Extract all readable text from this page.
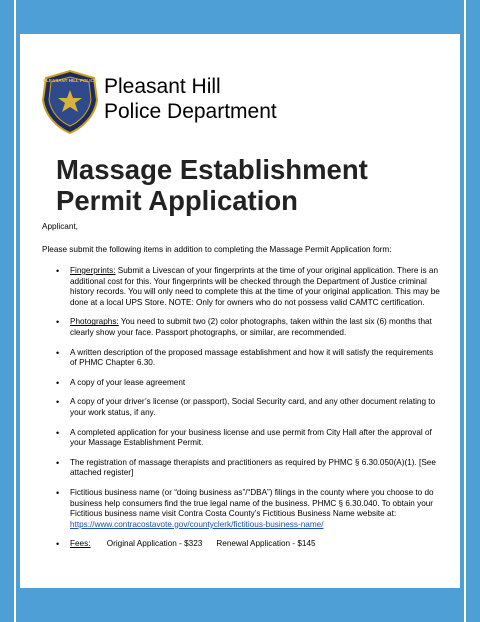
PLEASANT HILL POLICE Pleasant Hill
Police Department
Massage Establishment
Permit Application
Applicant,
Please submit the following items in addition to completing the Massage Permit Application form:
• Fingerprints: Submit a Livescan of your fingerprints at the time of your original application. There is an additional cost for this. Your fingerprints will be checked through the Department of Justice criminal history records. You will only need to complete this at the time of your original application. This may be done at a local UPS Store. NOTE: Only for owners who do not possess valid CAMTC certification.
• Photographs: You need to submit two (2) color photographs, taken within the last six (6) months that clearly show your face. Passport photographs, or similar, are recommended.
• A written description of the proposed massage establishment and how it will satisfy the requirements of PHMC Chapter 6.30.
• A copy of your lease agreement
• A copy of your driver’s license (or passport), Social Security card, and any other document relating to your work status, if any.
• A completed application for your business license and use permit from City Hall after the approval of your Massage Establishment Permit.
• The registration of massage therapists and practitioners as required by PHMC § 6.30.050(A)(1). [See attached register]
• Fictitious business name (or “doing business as”/“DBA”) filings in the county where you choose to do business help consumers find the true legal name of the business. PHMC § 6.30.040. To obtain your Fictitious business name visit Contra Costa County’s Fictitious Business Name website at: https://www.contracostavote.gov/countyclerk/fictitious-business-name/
• Fees: Original Application - $323 Renewal Application - $145
